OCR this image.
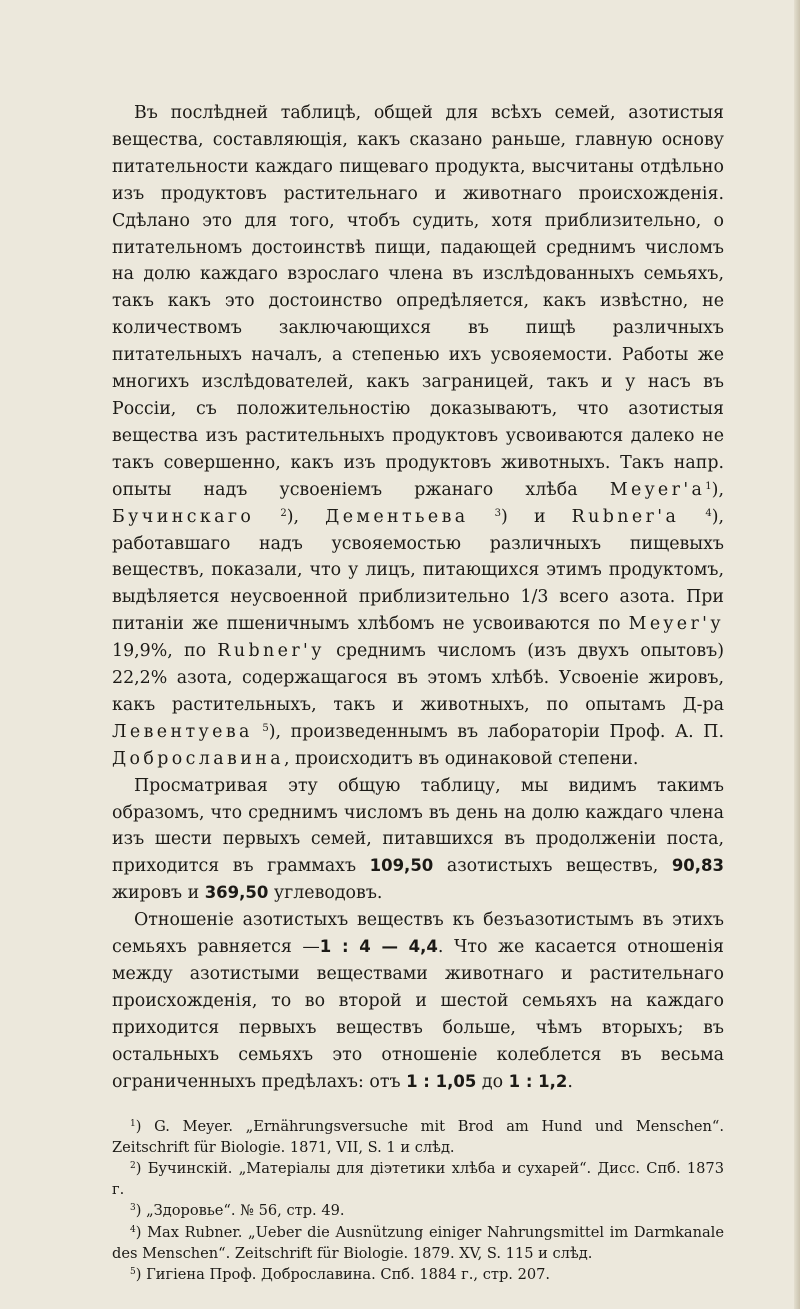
Въ послѣдней таблицѣ, общей для всѣхъ семей, азотистыя вещества, составляющія, какъ сказано раньше, главную основу питательности каждаго пищеваго продукта, высчитаны отдѣльно изъ продуктовъ растительнаго и животнаго происхожденія. Сдѣлано это для того, чтобъ судить, хотя приблизительно, о питательномъ достоинствѣ пищи, падающей среднимъ числомъ на долю каждаго взрослаго члена въ изслѣдованныхъ семьяхъ, такъ какъ это достоинство опредѣляется, какъ извѣстно, не количествомъ заключающихся въ пищѣ различныхъ питательныхъ началъ, а степенью ихъ усвояемости. Работы же многихъ изслѣдователей, какъ заграницей, такъ и у насъ въ Россіи, съ положительностію доказываютъ, что азотистыя вещества изъ растительныхъ продуктовъ усвоиваются далеко не такъ совершенно, какъ изъ продуктовъ животныхъ. Такъ напр. опыты надъ усвоеніемъ ржанаго хлѣба $Meyer'а^1$), Бучинскаго	$^2$), Дементьева	$^3$) и Rubner'а	$^4$), работавшаго надъ усвояемостью различныхъ пищевыхъ веществъ, показали, что у лицъ, питающихся этимъ продуктомъ, выдѣляется неусвоенной приблизительно 1/3 всего азота. При питаніи же пшеничнымъ хлѣбомъ не усвоиваются по Meyer'у 19,9%, по Rubner'у среднимъ числомъ (изъ двухъ опытовъ) 22,2% азота, содержащагося въ этомъ хлѣбѣ. Усвоеніе жировъ, какъ растительныхъ, такъ и животныхъ, по опытамъ Д-ра Левентуева $^5$), произведеннымъ въ лабораторіи Проф. А. П. Доброславина, происходитъ въ одинаковой степени.

Просматривая эту общую таблицу, мы видимъ такимъ образомъ, что среднимъ числомъ въ день на долю каждаго члена изъ шести первыхъ семей, питавшихся въ продолженіи поста, приходится въ граммахъ 109,50 азотистыхъ веществъ, 90,83 жировъ и 369,50 углеводовъ.

Отношеніе азотистыхъ веществъ къ безъазотистымъ въ этихъ семьяхъ равняется —1 : 4 — 4,4. Что же касается отношенія между азотистыми веществами животнаго и растительнаго происхожденія, то во второй и шестой семьяхъ на каждаго приходится первыхъ веществъ больше, чѣмъ вторыхъ; въ остальныхъ семьяхъ это отношеніе колеблется въ весьма ограниченныхъ предѣлахъ: отъ 1 : 1,05 до 1 : 1,2.

$^1$) G. Meyer. „Ernährungsversuche mit Brod am Hund und Menschen“. Zeitschrift für Biologie. 1871, VII, S. 1 и слѣд.

$^2$) Бучинскій. „Матеріалы для діэтетики хлѣба и сухарей“. Дисс. Спб. 1873 г.

$^3$) „Здоровье“. № 56, стр. 49.

$^4$) Max Rubner. „Ueber die Ausnützung einiger Nahrungsmittel im Darmkanale des Menschen“. Zeitschrift für Biologie. 1879. XV, S. 115 и слѣд.

$^5$) Гигіена Проф. Доброславина. Спб. 1884 г., стр. 207.
